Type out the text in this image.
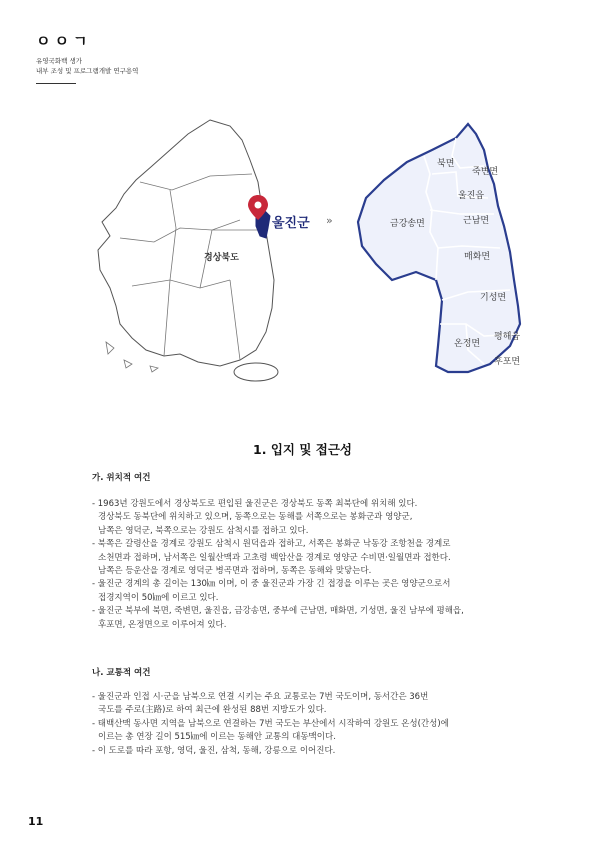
ㅇㅇㄱ
유영국화백 생가
내부 조성 및 프로그램개발 연구용역
경상북도
울진군 »
북면
죽변면
울진읍
금강송면	근남면
매화면
기성면
온정면
평해읍
후포면
1. 입지 및 접근성
가. 위치적 여건
- 1963년 강원도에서 경상북도로 편입된 울진군은 경상북도 동쪽 최북단에 위치해 있다.
경상북도 동북단에 위치하고 있으며, 동쪽으로는 동해를 서쪽으로는 봉화군과 영양군,
남쪽은 영덕군, 북쪽으로는 강원도 삼척시를 접하고 있다.
- 북쪽은 갈령산을 경계로 강원도 삼척시 원덕읍과 접하고, 서쪽은 봉화군 낙동강 조항천을 경계로
소천면과 접하며, 남서쪽은 일월산맥과 고초령 백암산을 경계로 영양군 수비면·일월면과 접한다.
남쪽은 등운산을 경계로 영덕군 병곡면과 접하며, 동쪽은 동해와 맞닿는다.
- 울진군 경계의 총 길이는 130㎞ 이며, 이 중 울진군과 가장 긴 접경을 이루는 곳은 영양군으로서
접경지역이 50㎞에 이르고 있다.
- 울진군 북부에 북면, 죽변면, 울진읍, 금강송면, 중부에 근남면, 매화면, 기성면, 울진 남부에 평해읍,
후포면, 온정면으로 이루어져 있다.
나. 교통적 여건
- 울진군과 인접 시·군을 남북으로 연결 시키는 주요 교통로는 7번 국도이며, 동서간은 36번
국도를 주로(主路)로 하여 최근에 완성된 88번 지방도가 있다.
- 태백산맥 동사면 지역을 남북으로 연결하는 7번 국도는 부산에서 시작하여 강원도 온성(간성)에
이르는 총 연장 길이 515㎞에 이르는 동해안 교통의 대동맥이다.
- 이 도로를 따라 포항, 영덕, 울진, 삼척, 동해, 강릉으로 이어진다.
11
